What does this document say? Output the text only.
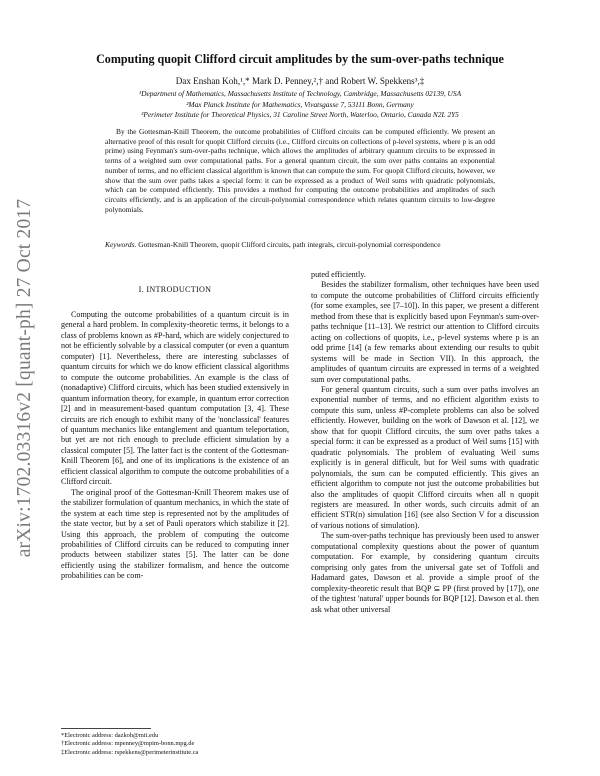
arXiv:1702.03316v2 [quant-ph] 27 Oct 2017
Computing quopit Clifford circuit amplitudes by the sum-over-paths technique
Dax Enshan Koh,¹,* Mark D. Penney,²,† and Robert W. Spekkens³,‡
¹Department of Mathematics, Massachusetts Institute of Technology, Cambridge, Massachusetts 02139, USA
²Max Planck Institute for Mathematics, Vivatsgasse 7, 53111 Bonn, Germany
³Perimeter Institute for Theoretical Physics, 31 Caroline Street North, Waterloo, Ontario, Canada N2L 2Y5
By the Gottesman-Knill Theorem, the outcome probabilities of Clifford circuits can be computed efficiently. We present an alternative proof of this result for quopit Clifford circuits (i.e., Clifford circuits on collections of p-level systems, where p is an odd prime) using Feynman's sum-over-paths technique, which allows the amplitudes of arbitrary quantum circuits to be expressed in terms of a weighted sum over computational paths. For a general quantum circuit, the sum over paths contains an exponential number of terms, and no efficient classical algorithm is known that can compute the sum. For quopit Clifford circuits, however, we show that the sum over paths takes a special form: it can be expressed as a product of Weil sums with quadratic polynomials, which can be computed efficiently. This provides a method for computing the outcome probabilities and amplitudes of such circuits efficiently, and is an application of the circuit-polynomial correspondence which relates quantum circuits to low-degree polynomials.
Keywords. Gottesman-Knill Theorem, quopit Clifford circuits, path integrals, circuit-polynomial correspondence
I. INTRODUCTION

Computing the outcome probabilities of a quantum circuit is in general a hard problem. In complexity-theoretic terms, it belongs to a class of problems known as #P-hard, which are widely conjectured to not be efficiently solvable by a classical computer (or even a quantum computer) [1]. Nevertheless, there are interesting subclasses of quantum circuits for which we do know efficient classical algorithms to compute the outcome probabilities. An example is the class of (nonadaptive) Clifford circuits, which has been studied extensively in quantum information theory, for example, in quantum error correction [2] and in measurement-based quantum computation [3, 4]. These circuits are rich enough to exhibit many of the 'nonclassical' features of quantum mechanics like entanglement and quantum teleportation, but yet are not rich enough to preclude efficient simulation by a classical computer [5]. The latter fact is the content of the Gottesman-Knill Theorem [6], and one of its implications is the existence of an efficient classical algorithm to compute the outcome probabilities of a Clifford circuit.

The original proof of the Gottesman-Knill Theorem makes use of the stabilizer formulation of quantum mechanics, in which the state of the system at each time step is represented not by the amplitudes of the state vector, but by a set of Pauli operators which stabilize it [2]. Using this approach, the problem of computing the outcome probabilities of Clifford circuits can be reduced to computing inner products between stabilizer states [5]. The latter can be done efficiently using the stabilizer formalism, and hence the outcome probabilities can be com-

puted efficiently.

Besides the stabilizer formalism, other techniques have been used to compute the outcome probabilities of Clifford circuits efficiently (for some examples, see [7–10]). In this paper, we present a different method from these that is explicitly based upon Feynman's sum-over-paths technique [11–13]. We restrict our attention to Clifford circuits acting on collections of quopits, i.e., p-level systems where p is an odd prime [14] (a few remarks about extending our results to qubit systems will be made in Section VII). In this approach, the amplitudes of quantum circuits are expressed in terms of a weighted sum over computational paths.

For general quantum circuits, such a sum over paths involves an exponential number of terms, and no efficient algorithm exists to compute this sum, unless #P-complete problems can also be solved efficiently. However, building on the work of Dawson et al. [12], we show that for quopit Clifford circuits, the sum over paths takes a special form: it can be expressed as a product of Weil sums [15] with quadratic polynomials. The problem of evaluating Weil sums explicitly is in general difficult, but for Weil sums with quadratic polynomials, the sum can be computed efficiently. This gives an efficient algorithm to compute not just the outcome probabilities but also the amplitudes of quopit Clifford circuits when all n quopit registers are measured. In other words, such circuits admit of an efficient STR(n) simulation [16] (see also Section V for a discussion of various notions of simulation).

The sum-over-paths technique has previously been used to answer computational complexity questions about the power of quantum computation. For example, by considering quantum circuits comprising only gates from the universal gate set of Toffoli and Hadamard gates, Dawson et al. provide a simple proof of the complexity-theoretic result that BQP ⊆ PP (first proved by [17]), one of the tightest 'natural' upper bounds for BQP [12]. Dawson et al. then ask what other universal

*Electronic address: dazkoh@mit.edu
†Electronic address: mpenney@mpim-bonn.mpg.de
‡Electronic address: rspekkens@perimeterinstitute.ca
